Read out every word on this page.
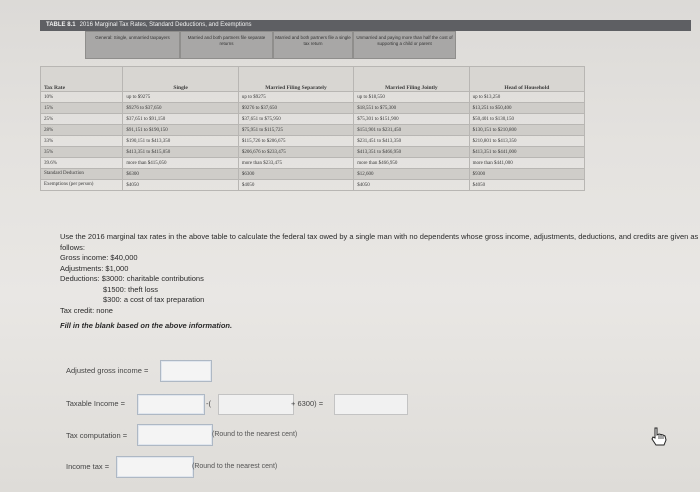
TABLE 8.1 2016 Marginal Tax Rates, Standard Deductions, and Exemptions
General: Single, unmarried taxpayers	Married and both partners file separate returns
Married and both partners file a single tax return
Unmarried and paying more than half the cost of supporting a child or parent
Tax Rate	Single	Married Filing Separately	Married Filing Jointly	Head of Household
10%	up to $9275	up to $9275	up to $18,550	up to $13,250
15%	$9276 to $37,650	$9276 to $37,650	$18,551 to $75,300	$13,251 to $50,400
25%	$37,651 to $91,150	$37,651 to $75,950	$75,301 to $151,900	$50,401 to $130,150
28%	$91,151 to $190,150	$75,951 to $115,725	$151,901 to $231,450	$130,151 to $210,800
33%	$190,151 to $413,350	$115,726 to $206,675	$231,451 to $413,350	$210,801 to $413,350
35%	$413,351 to $415,050	$206,676 to $233,475	$413,351 to $466,950	$413,351 to $441,000
39.6%	more than $415,050	more than $233,475	more than $466,950	more than $441,000
Standard Deduction	$6300	$6300	$12,600	$9300
Exemptions (per person)	$4050	$4050	$4050	$4050

Use the 2016 marginal tax rates in the above table to calculate the federal tax owed by a single man with no dependents whose gross income, adjustments, deductions, and credits are given as follows:

Gross income: $40,000

Adjustments: $1,000

Deductions: $3000: charitable contributions

$1500: theft loss

$300: a cost of tax preparation

Tax credit: none

Fill in the blank based on the above information.

Adjusted gross income =
Taxable Income =	-(	+ 6300) =
Tax computation =	(Round to the nearest cent)
Income tax =	(Round to the nearest cent)
